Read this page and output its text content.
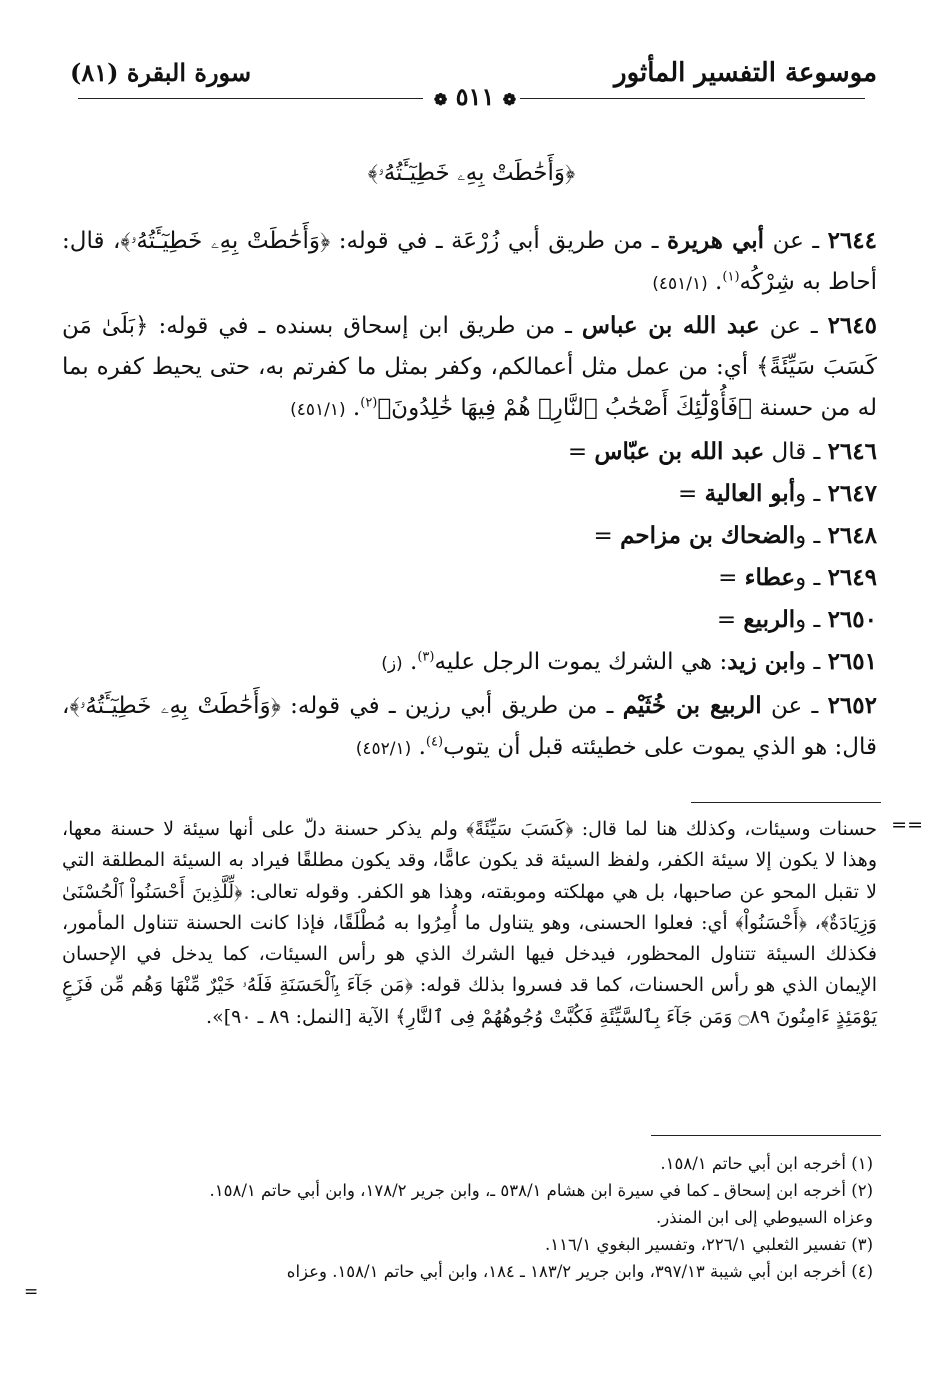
موسوعة التفسير المأثور
سورة البقرة (٨١)
❁ ٥١١ ❁
﴿وَأَحَٰطَتْ بِهِۦ خَطِيٓـَٔتُهُۥ﴾

٢٦٤٤ ـ عن أبي هريرة ـ من طريق أبي زُرْعَة ـ في قوله: ﴿وَأَحَٰطَتْ بِهِۦ خَطِيٓـَٔتُهُۥ﴾، قال: أحاط به شِرْكُه$^{(١)}$. (٤٥١/١)

٢٦٤٥ ـ عن عبد الله بن عباس ـ من طريق ابن إسحاق بسنده ـ في قوله: ﴿بَلَىٰ مَن كَسَبَ سَيِّئَةً﴾ أي: من عمل مثل أعمالكم، وكفر بمثل ما كفرتم به، حتى يحيط كفره بما له من حسنة ﴿فَأُوْلَٰٓئِكَ أَصْحَٰبُ ٱلنَّارِۖ هُمْ فِيهَا خَٰلِدُونَ﴾$^{(٢)}$. (٤٥١/١)

٢٦٤٦ ـ قال عبد الله بن عبّاس =

٢٦٤٧ ـ وأبو العالية =

٢٦٤٨ ـ والضحاك بن مزاحم =

٢٦٤٩ ـ وعطاء =

٢٦٥٠ ـ والربيع =

٢٦٥١ ـ وابن زيد: هي الشرك يموت الرجل عليه$^{(٣)}$. (ز)

٢٦٥٢ ـ عن الربيع بن خُثَيْم ـ من طريق أبي رزين ـ في قوله: ﴿وَأَحَٰطَتْ بِهِۦ خَطِيٓـَٔتُهُۥ﴾، قال: هو الذي يموت على خطيئته قبل أن يتوب$^{(٤)}$. (٤٥٢/١)

==

حسنات وسيئات، وكذلك هنا لما قال: ﴿كَسَبَ سَيِّئَةً﴾ ولم يذكر حسنة دلّ على أنها سيئة لا حسنة معها، وهذا لا يكون إلا سيئة الكفر، ولفظ السيئة قد يكون عامًّا، وقد يكون مطلقًا فيراد به السيئة المطلقة التي لا تقبل المحو عن صاحبها، بل هي مهلكته وموبقته، وهذا هو الكفر. وقوله تعالى: ﴿لِّلَّذِينَ أَحْسَنُواْ ٱلْحُسْنَىٰ وَزِيَادَةٌ﴾، ﴿أَحْسَنُواْ﴾ أي: فعلوا الحسنى، وهو يتناول ما أُمِرُوا به مُطْلَقًا، فإذا كانت الحسنة تتناول المأمور، فكذلك السيئة تتناول المحظور، فيدخل فيها الشرك الذي هو رأس السيئات، كما يدخل في الإحسان الإيمان الذي هو رأس الحسنات، كما قد فسروا بذلك قوله: ﴿مَن جَآءَ بِٱلْحَسَنَةِ فَلَهُۥ خَيْرٌ مِّنْهَا وَهُم مِّن فَزَعٍ يَوْمَئِذٍ ءَامِنُونَ ۝٨٩ وَمَن جَآءَ بِٱلسَّيِّئَةِ فَكُبَّتْ وُجُوهُهُمْ فِى ٱلنَّارِ﴾ الآية [النمل: ٨٩ ـ ٩٠]».

(١) أخرجه ابن أبي حاتم ١٥٨/١.

(٢) أخرجه ابن إسحاق ـ كما في سيرة ابن هشام ٥٣٨/١ ـ، وابن جرير ١٧٨/٢، وابن أبي حاتم ١٥٨/١.

وعزاه السيوطي إلى ابن المنذر.

(٣) تفسير الثعلبي ٢٢٦/١، وتفسير البغوي ١١٦/١.

(٤) أخرجه ابن أبي شيبة ٣٩٧/١٣، وابن جرير ١٨٣/٢ ـ ١٨٤، وابن أبي حاتم ١٥٨/١. وعزاه

=
